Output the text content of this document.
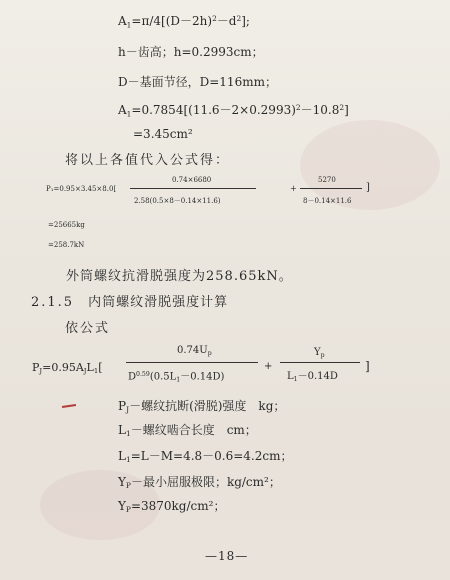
$A_1=\pi/4[(D-2h)^2-d^2]$;
h－齿高；h=0.2993cm；
D－基面节径，D=116mm；
$A_1=0.7854[(11.6-2\times 0.2993)^2-10.8^2]$
=3.45cm²
将以上各值代入公式得：
P₁=0.95×3.45×8.0[
0.74×6680
2.58(0.5×8－0.14×11.6)
+
5270
8－0.14×11.6
]
=25665kg
=258.7kN
外筒螺纹抗滑脱强度为258.65kN。
2.1.5 内筒螺纹滑脱强度计算
依公式
$P_J=0.95A_JL_1$[
$0.74U_p$
$D^{0.59}(0.5L_1-0.14D)$
+
$Y_p$
$L_1-0.14D$
]
$P_J-$螺纹抗断(滑脱)强度　kg；
$L_1-$螺纹啮合长度　cm；
$L_1=L-M=4.8-0.6=4.2cm$；
$Y_P-$最小屈服极限；kg/cm²；
$Y_P=3870kg$/cm²；
—18—
